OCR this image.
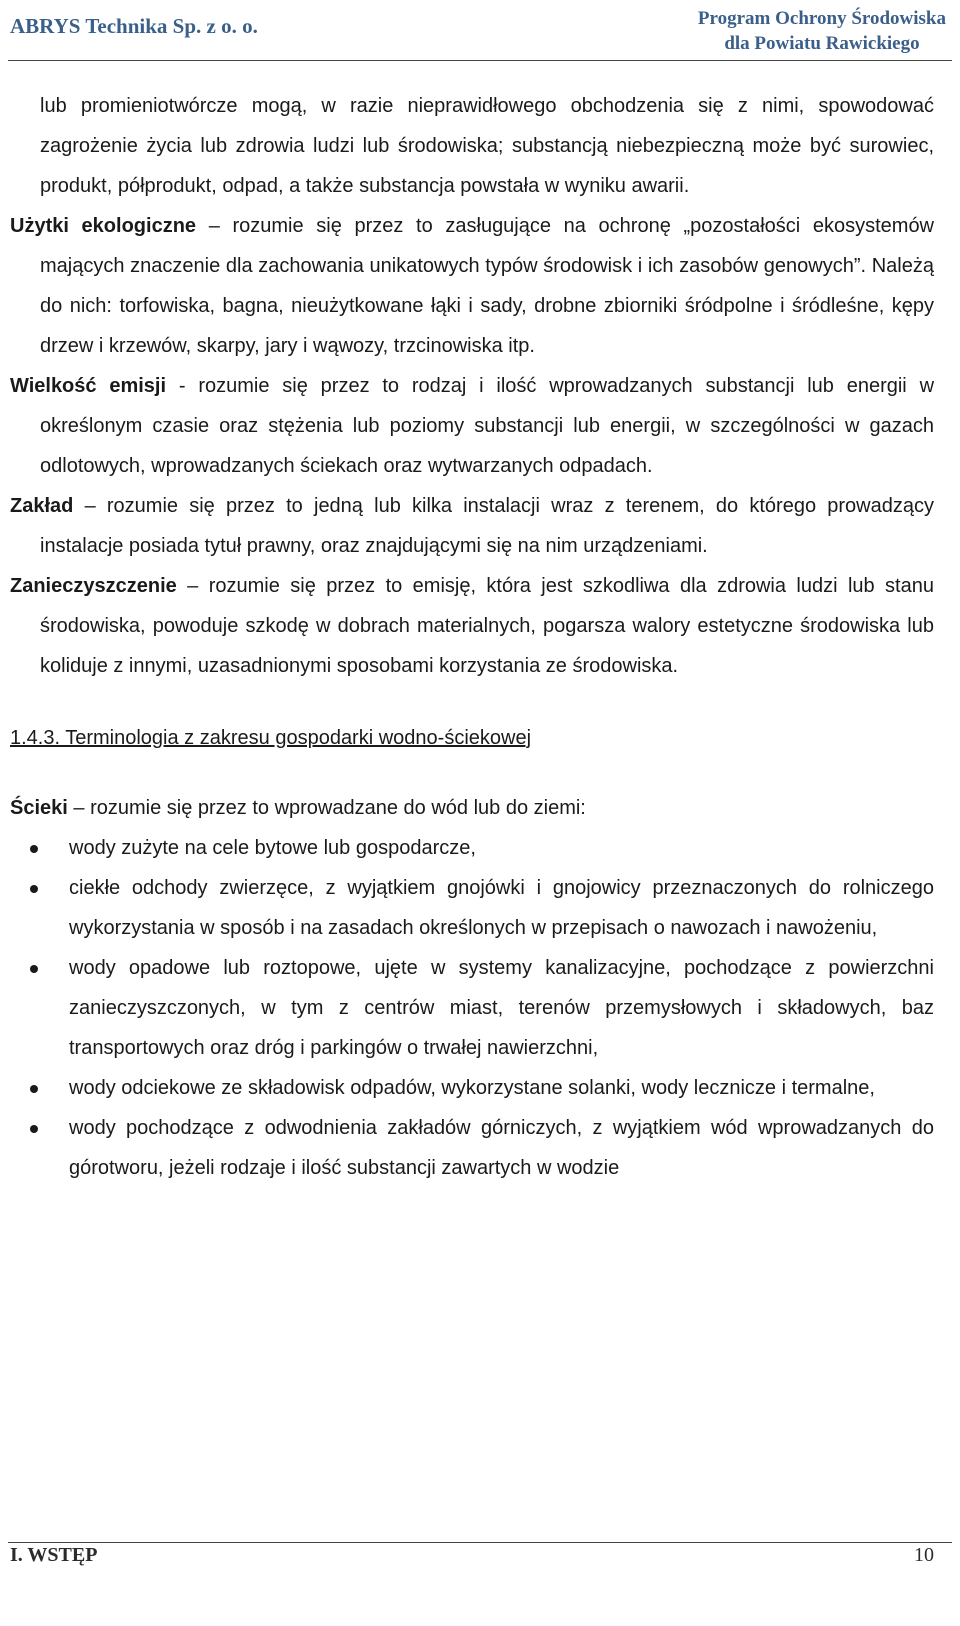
ABRYS Technika Sp. z o. o.	Program Ochrony Środowiska
dla Powiatu Rawickiego

lub promieniotwórcze mogą, w razie nieprawidłowego obchodzenia się z nimi, spowodować zagrożenie życia lub zdrowia ludzi lub środowiska; substancją niebezpieczną może być surowiec, produkt, półprodukt, odpad, a także substancja powstała w wyniku awarii.

Użytki ekologiczne – rozumie się przez to zasługujące na ochronę „pozostałości ekosystemów mających znaczenie dla zachowania unikatowych typów środowisk i ich zasobów genowych”. Należą do nich: torfowiska, bagna, nieużytkowane łąki i sady, drobne zbiorniki śródpolne i śródleśne, kępy drzew i krzewów, skarpy, jary i wąwozy, trzcinowiska itp.

Wielkość emisji - rozumie się przez to rodzaj i ilość wprowadzanych substancji lub energii w określonym czasie oraz stężenia lub poziomy substancji lub energii, w szczególności w gazach odlotowych, wprowadzanych ściekach oraz wytwarzanych odpadach.

Zakład – rozumie się przez to jedną lub kilka instalacji wraz z terenem, do którego prowadzący instalacje posiada tytuł prawny, oraz znajdującymi się na nim urządzeniami.

Zanieczyszczenie – rozumie się przez to emisję, która jest szkodliwa dla zdrowia ludzi lub stanu środowiska, powoduje szkodę w dobrach materialnych, pogarsza walory estetyczne środowiska lub koliduje z innymi, uzasadnionymi sposobami korzystania ze środowiska.

1.4.3. Terminologia z zakresu gospodarki wodno-ściekowej

Ścieki – rozumie się przez to wprowadzane do wód lub do ziemi:

wody zużyte na cele bytowe lub gospodarcze,
ciekłe odchody zwierzęce, z wyjątkiem gnojówki i gnojowicy przeznaczonych do rolniczego wykorzystania w sposób i na zasadach określonych w przepisach o nawozach i nawożeniu,
wody opadowe lub roztopowe, ujęte w systemy kanalizacyjne, pochodzące z powierzchni zanieczyszczonych, w tym z centrów miast, terenów przemysłowych i składowych, baz transportowych oraz dróg i parkingów o trwałej nawierzchni,
wody odciekowe ze składowisk odpadów, wykorzystane solanki, wody lecznicze i termalne,
wody pochodzące z odwodnienia zakładów górniczych, z wyjątkiem wód wprowadzanych do górotworu, jeżeli rodzaje i ilość substancji zawartych w wodzie
I. WSTĘP	10
